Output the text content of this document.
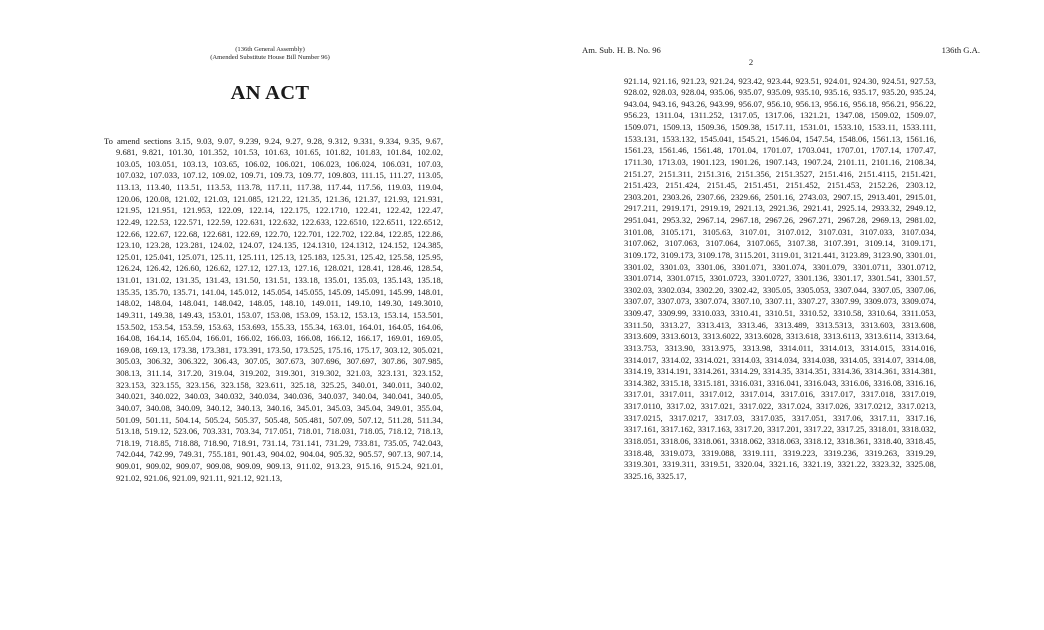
(136th General Assembly)
(Amended Substitute House Bill Number 96)
AN ACT
To amend sections 3.15, 9.03, 9.07, 9.239, 9.24, 9.27, 9.28, 9.312, 9.331, 9.334, 9.35, 9.67, 9.681, 9.821, 101.30, 101.352, 101.53, 101.63, 101.65, 101.82, 101.83, 101.84, 102.02, 103.05, 103.051, 103.13, 103.65, 106.02, 106.021, 106.023, 106.024, 106.031, 107.03, 107.032, 107.033, 107.12, 109.02, 109.71, 109.73, 109.77, 109.803, 111.15, 111.27, 113.05, 113.13, 113.40, 113.51, 113.53, 113.78, 117.11, 117.38, 117.44, 117.56, 119.03, 119.04, 120.06, 120.08, 121.02, 121.03, 121.085, 121.22, 121.35, 121.36, 121.37, 121.93, 121.931, 121.95, 121.951, 121.953, 122.09, 122.14, 122.175, 122.1710, 122.41, 122.42, 122.47, 122.49, 122.53, 122.571, 122.59, 122.631, 122.632, 122.633, 122.6510, 122.6511, 122.6512, 122.66, 122.67, 122.68, 122.681, 122.69, 122.70, 122.701, 122.702, 122.84, 122.85, 122.86, 123.10, 123.28, 123.281, 124.02, 124.07, 124.135, 124.1310, 124.1312, 124.152, 124.385, 125.01, 125.041, 125.071, 125.11, 125.111, 125.13, 125.183, 125.31, 125.42, 125.58, 125.95, 126.24, 126.42, 126.60, 126.62, 127.12, 127.13, 127.16, 128.021, 128.41, 128.46, 128.54, 131.01, 131.02, 131.35, 131.43, 131.50, 131.51, 133.18, 135.01, 135.03, 135.143, 135.18, 135.35, 135.70, 135.71, 141.04, 145.012, 145.054, 145.055, 145.09, 145.091, 145.99, 148.01, 148.02, 148.04, 148.041, 148.042, 148.05, 148.10, 149.011, 149.10, 149.30, 149.3010, 149.311, 149.38, 149.43, 153.01, 153.07, 153.08, 153.09, 153.12, 153.13, 153.14, 153.501, 153.502, 153.54, 153.59, 153.63, 153.693, 155.33, 155.34, 163.01, 164.01, 164.05, 164.06, 164.08, 164.14, 165.04, 166.01, 166.02, 166.03, 166.08, 166.12, 166.17, 169.01, 169.05, 169.08, 169.13, 173.38, 173.381, 173.391, 173.50, 173.525, 175.16, 175.17, 303.12, 305.021, 305.03, 306.32, 306.322, 306.43, 307.05, 307.673, 307.696, 307.697, 307.86, 307.985, 308.13, 311.14, 317.20, 319.04, 319.202, 319.301, 319.302, 321.03, 323.131, 323.152, 323.153, 323.155, 323.156, 323.158, 323.611, 325.18, 325.25, 340.01, 340.011, 340.02, 340.021, 340.022, 340.03, 340.032, 340.034, 340.036, 340.037, 340.04, 340.041, 340.05, 340.07, 340.08, 340.09, 340.12, 340.13, 340.16, 345.01, 345.03, 345.04, 349.01, 355.04, 501.09, 501.11, 504.14, 505.24, 505.37, 505.48, 505.481, 507.09, 507.12, 511.28, 511.34, 513.18, 519.12, 523.06, 703.331, 703.34, 717.051, 718.01, 718.031, 718.05, 718.12, 718.13, 718.19, 718.85, 718.88, 718.90, 718.91, 731.14, 731.141, 731.29, 733.81, 735.05, 742.043, 742.044, 742.99, 749.31, 755.181, 901.43, 904.02, 904.04, 905.32, 905.57, 907.13, 907.14, 909.01, 909.02, 909.07, 909.08, 909.09, 909.13, 911.02, 913.23, 915.16, 915.24, 921.01, 921.02, 921.06, 921.09, 921.11, 921.12, 921.13,
Am. Sub. H. B. No. 96	136th G.A.
2
921.14, 921.16, 921.23, 921.24, 923.42, 923.44, 923.51, 924.01, 924.30, 924.51, 927.53, 928.02, 928.03, 928.04, 935.06, 935.07, 935.09, 935.10, 935.16, 935.17, 935.20, 935.24, 943.04, 943.16, 943.26, 943.99, 956.07, 956.10, 956.13, 956.16, 956.18, 956.21, 956.22, 956.23, 1311.04, 1311.252, 1317.05, 1317.06, 1321.21, 1347.08, 1509.02, 1509.07, 1509.071, 1509.13, 1509.36, 1509.38, 1517.11, 1531.01, 1533.10, 1533.11, 1533.111, 1533.131, 1533.132, 1545.041, 1545.21, 1546.04, 1547.54, 1548.06, 1561.13, 1561.16, 1561.23, 1561.46, 1561.48, 1701.04, 1701.07, 1703.041, 1707.01, 1707.14, 1707.47, 1711.30, 1713.03, 1901.123, 1901.26, 1907.143, 1907.24, 2101.11, 2101.16, 2108.34, 2151.27, 2151.311, 2151.316, 2151.356, 2151.3527, 2151.416, 2151.4115, 2151.421, 2151.423, 2151.424, 2151.45, 2151.451, 2151.452, 2151.453, 2152.26, 2303.12, 2303.201, 2303.26, 2307.66, 2329.66, 2501.16, 2743.03, 2907.15, 2913.401, 2915.01, 2917.211, 2919.171, 2919.19, 2921.13, 2921.36, 2921.41, 2925.14, 2933.32, 2949.12, 2951.041, 2953.32, 2967.14, 2967.18, 2967.26, 2967.271, 2967.28, 2969.13, 2981.02, 3101.08, 3105.171, 3105.63, 3107.01, 3107.012, 3107.031, 3107.033, 3107.034, 3107.062, 3107.063, 3107.064, 3107.065, 3107.38, 3107.391, 3109.14, 3109.171, 3109.172, 3109.173, 3109.178, 3115.201, 3119.01, 3121.441, 3123.89, 3123.90, 3301.01, 3301.02, 3301.03, 3301.06, 3301.071, 3301.074, 3301.079, 3301.0711, 3301.0712, 3301.0714, 3301.0715, 3301.0723, 3301.0727, 3301.136, 3301.17, 3301.541, 3301.57, 3302.03, 3302.034, 3302.20, 3302.42, 3305.05, 3305.053, 3307.044, 3307.05, 3307.06, 3307.07, 3307.073, 3307.074, 3307.10, 3307.11, 3307.27, 3307.99, 3309.073, 3309.074, 3309.47, 3309.99, 3310.033, 3310.41, 3310.51, 3310.52, 3310.58, 3310.64, 3311.053, 3311.50, 3313.27, 3313.413, 3313.46, 3313.489, 3313.5313, 3313.603, 3313.608, 3313.609, 3313.6013, 3313.6022, 3313.6028, 3313.618, 3313.6113, 3313.6114, 3313.64, 3313.753, 3313.90, 3313.975, 3313.98, 3314.011, 3314.013, 3314.015, 3314.016, 3314.017, 3314.02, 3314.021, 3314.03, 3314.034, 3314.038, 3314.05, 3314.07, 3314.08, 3314.19, 3314.191, 3314.261, 3314.29, 3314.35, 3314.351, 3314.36, 3314.361, 3314.381, 3314.382, 3315.18, 3315.181, 3316.031, 3316.041, 3316.043, 3316.06, 3316.08, 3316.16, 3317.01, 3317.011, 3317.012, 3317.014, 3317.016, 3317.017, 3317.018, 3317.019, 3317.0110, 3317.02, 3317.021, 3317.022, 3317.024, 3317.026, 3317.0212, 3317.0213, 3317.0215, 3317.0217, 3317.03, 3317.035, 3317.051, 3317.06, 3317.11, 3317.16, 3317.161, 3317.162, 3317.163, 3317.20, 3317.201, 3317.22, 3317.25, 3318.01, 3318.032, 3318.051, 3318.06, 3318.061, 3318.062, 3318.063, 3318.12, 3318.361, 3318.40, 3318.45, 3318.48, 3319.073, 3319.088, 3319.111, 3319.223, 3319.236, 3319.263, 3319.29, 3319.301, 3319.311, 3319.51, 3320.04, 3321.16, 3321.19, 3321.22, 3323.32, 3325.08, 3325.16, 3325.17,
